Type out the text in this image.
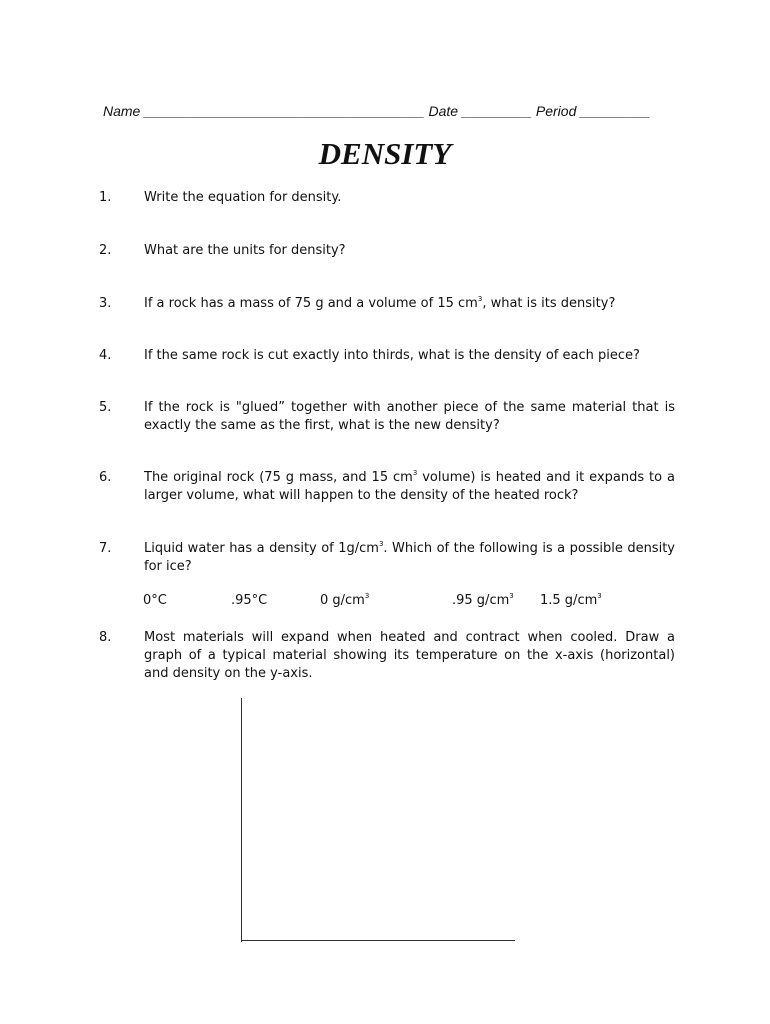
Name ____________________________________ Date _________ Period _________
DENSITY
1.	Write the equation for density.
2.	What are the units for density?
3.	If a rock has a mass of 75 g and a volume of 15 $cm^3$, what is its density?
4.	If the same rock is cut exactly into thirds, what is the density of each piece?
5.	If the rock is "glued” together with another piece of the same material that is exactly the same as the first, what is the new density?
6.	The original rock (75 g mass, and 15 $cm^3$ volume) is heated and it expands to a larger volume, what will happen to the density of the heated rock?
7.	Liquid water has a density of $1g/cm^3$. Which of the following is a possible density for ice?
0°C	.95°C	0 $g/cm^3$	.95 $g/cm^3$ 1.5 $g/cm^3$
8.	Most materials will expand when heated and contract when cooled. Draw a graph of a typical material showing its temperature on the x-axis (horizontal) and density on the y-axis.
